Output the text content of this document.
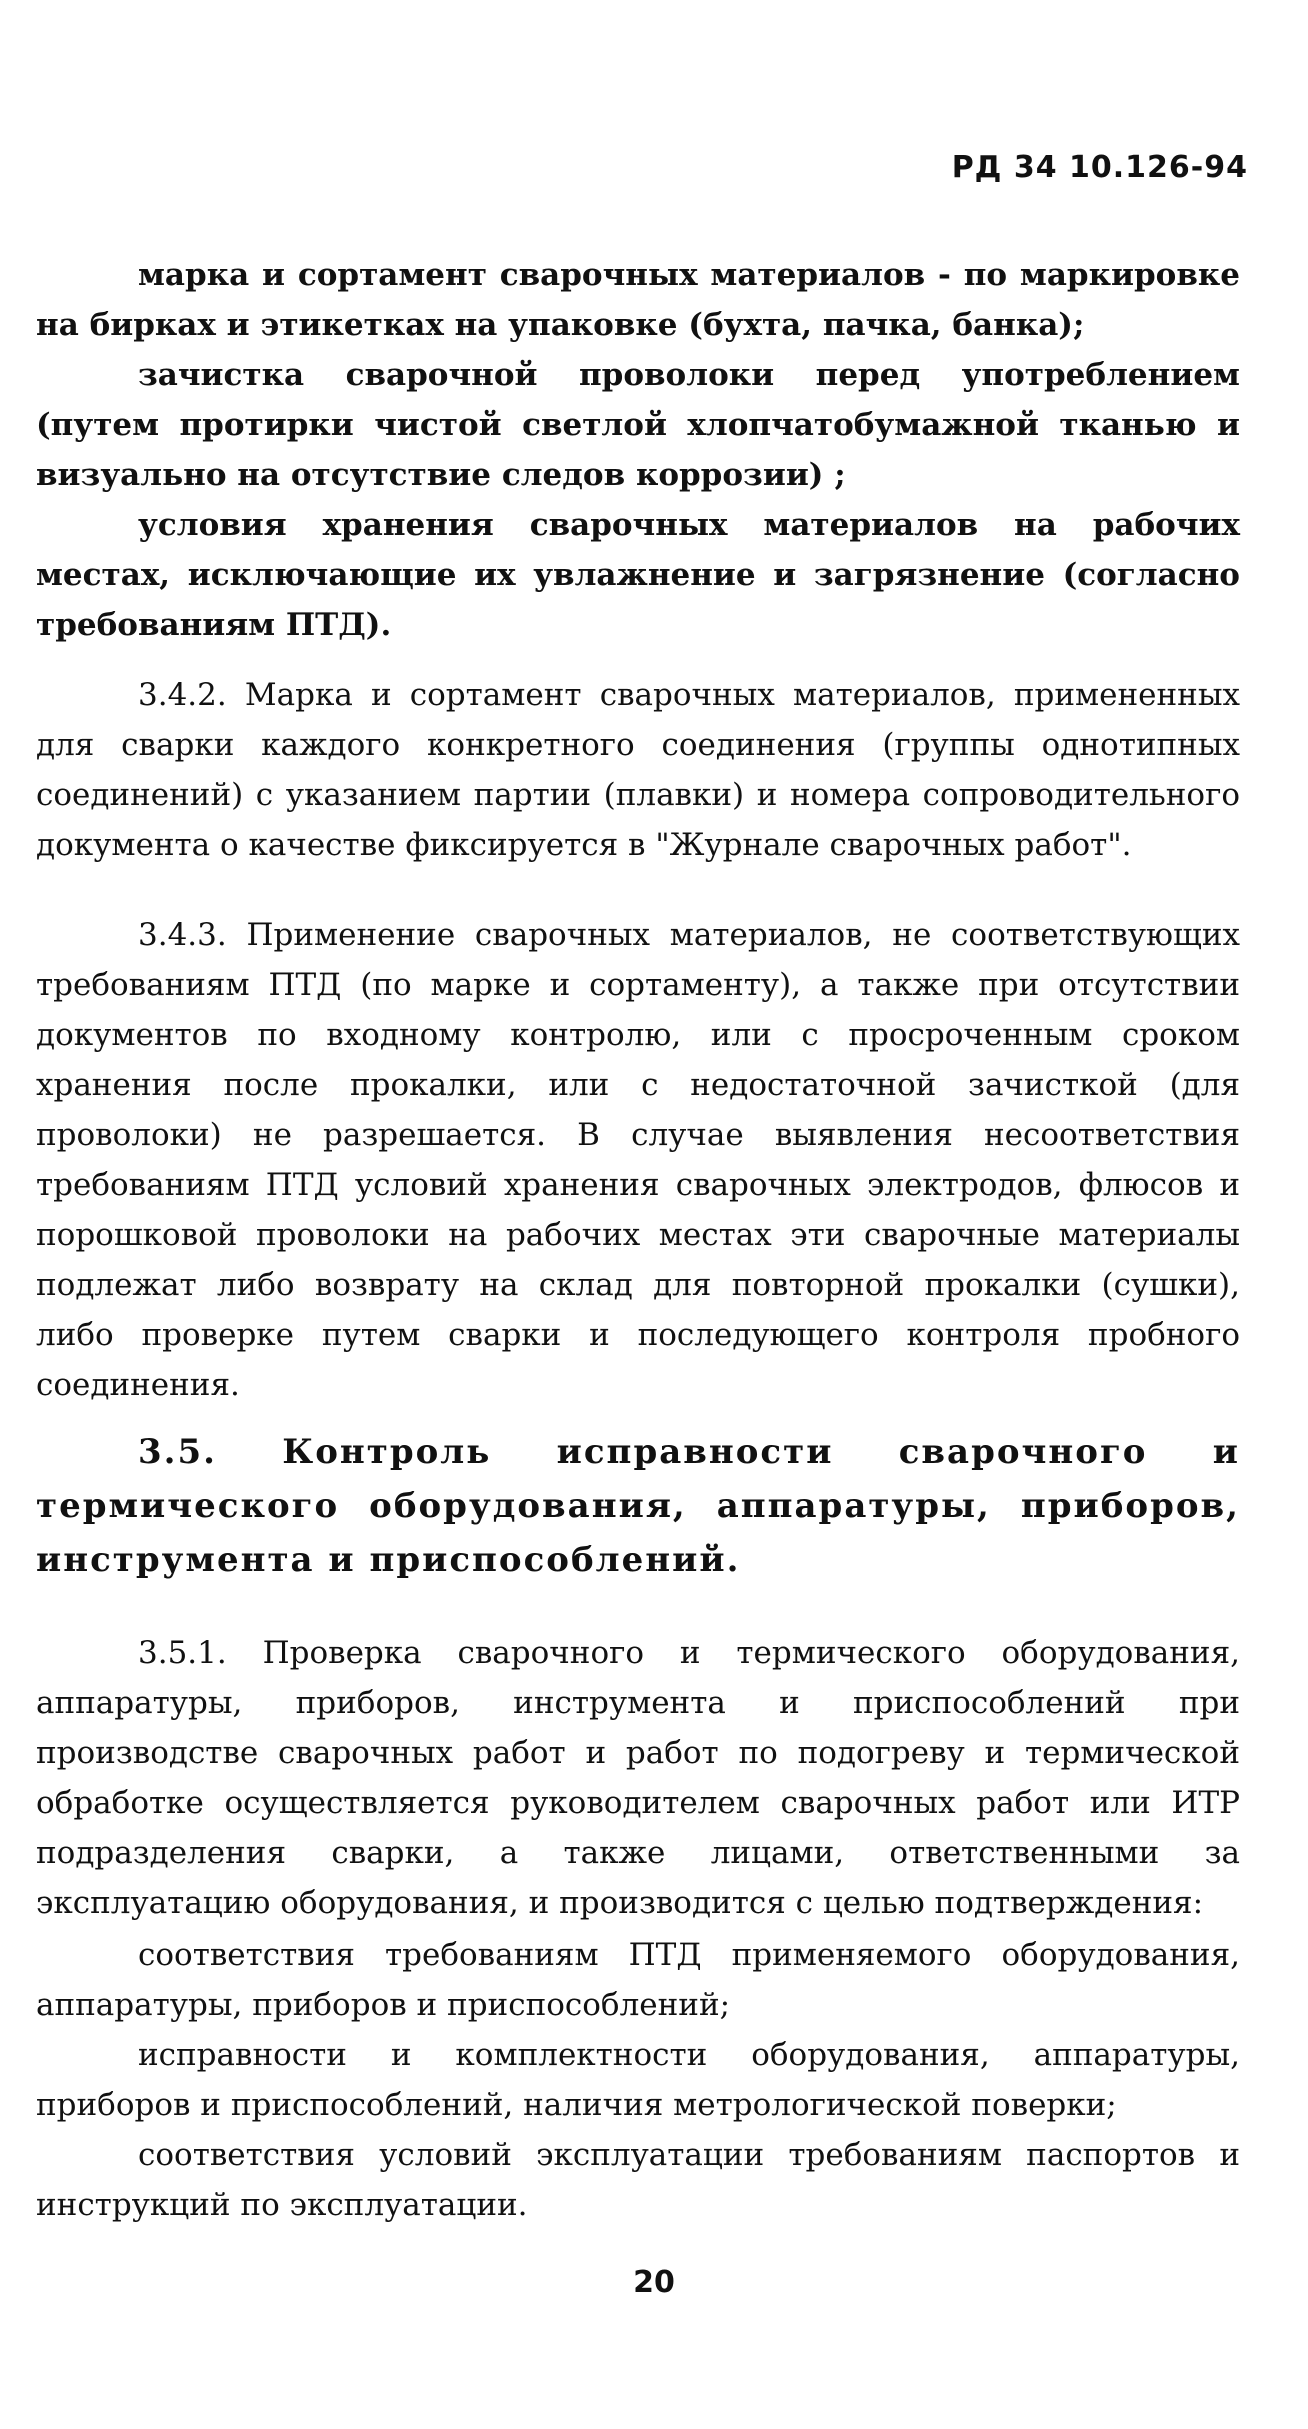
РД 34 10.126-94

марка и сортамент сварочных материалов - по маркировке на бирках и этикетках на упаковке (бухта, пачка, банка);

зачистка сварочной проволоки перед употреблением (путем протирки чистой светлой хлопчатобумажной тканью и визуально на отсутствие следов коррозии) ;

условия хранения сварочных материалов на рабочих местах, исключающие их увлажнение и загрязнение (согласно требованиям ПТД).

3.4.2. Марка и сортамент сварочных материалов, примененных для сварки каждого конкретного соединения (группы однотипных соединений) с указанием партии (плавки) и номера сопроводительного документа о качестве фиксируется в "Журнале сварочных работ".

3.4.3. Применение сварочных материалов, не соответствующих требованиям ПТД (по марке и сортаменту), а также при отсутствии документов по входному контролю, или с просроченным сроком хранения после прокалки, или с недостаточной зачисткой (для проволоки) не разрешается. В случае выявления несоответствия требованиям ПТД условий хранения сварочных электродов, флюсов и порошковой проволоки на рабочих местах эти сварочные материалы подлежат либо возврату на склад для повторной прокалки (сушки), либо проверке путем сварки и последующего контроля пробного соединения.

3.5. Контроль исправности сварочного и термического оборудования, аппаратуры, приборов, инструмента и приспособлений.

3.5.1. Проверка сварочного и термического оборудования, аппаратуры, приборов, инструмента и приспособлений при производстве сварочных работ и работ по подогреву и термической обработке осуществляется руководителем сварочных работ или ИТР подразделения сварки, а также лицами, ответственными за эксплуатацию оборудования, и производится с целью подтверждения:

соответствия требованиям ПТД применяемого оборудования, аппаратуры, приборов и приспособлений;

исправности и комплектности оборудования, аппаратуры, приборов и приспособлений, наличия метрологической поверки;

соответствия условий эксплуатации требованиям паспортов и инструкций по эксплуатации.

20
